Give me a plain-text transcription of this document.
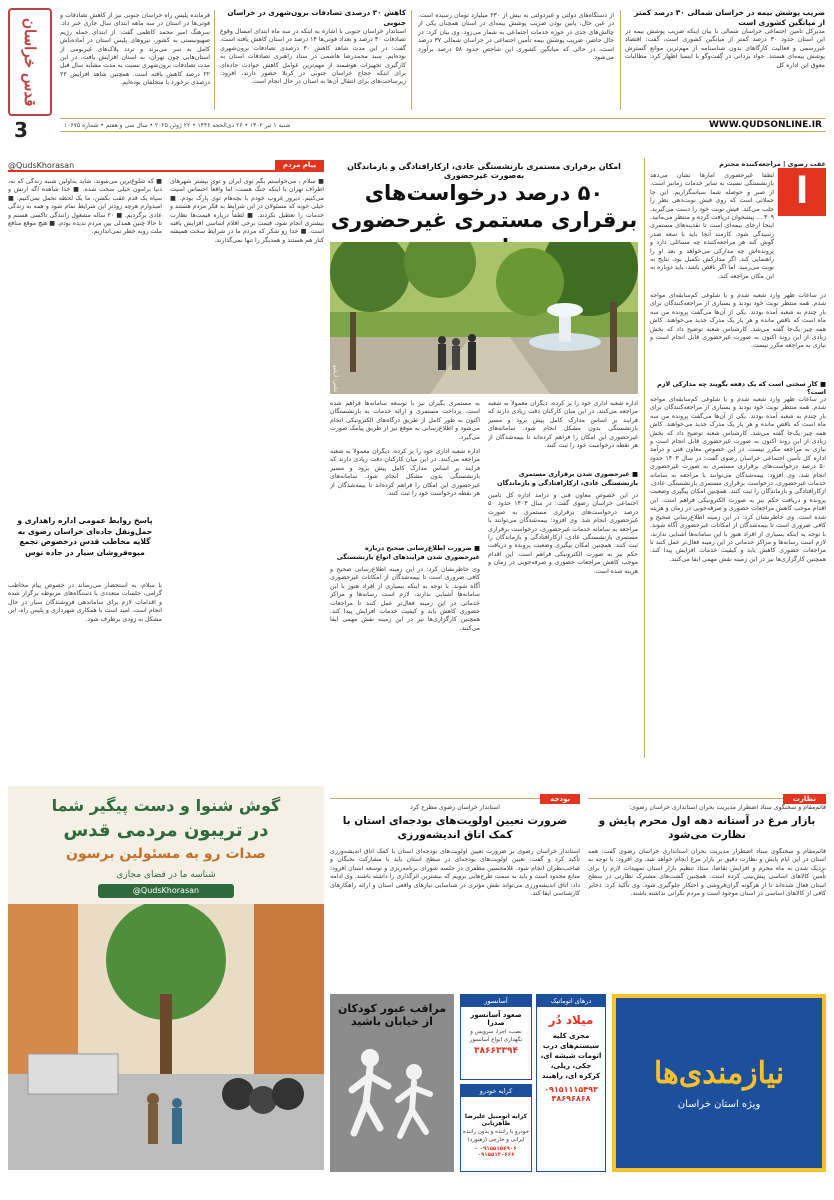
قدس خراسان
3
ضریب پوشش بیمه در خراسان شمالی ۳۰ درصد کمتر از میانگین کشوری است
مدیرکل تأمین اجتماعی خراسان شمالی با بیان اینکه ضریب پوشش بیمه در این استان حدود ۳۰ درصد کمتر از میانگین کشوری است، گفت: اقتصاد غیررسمی و فعالیت کارگاهای بدون شناسنامه از مهم‌ترین موانع گسترش پوشش بیمه‌ای هستند. جواد یزدانی در گفت‌وگو با ایسنا اظهار کرد: مطالبات معوق این اداره کل
از دستگاه‌های دولتی و غیردولتی به بیش از ۲۳۰ میلیارد تومان رسیده است. در عین حال، پایین بودن ضریب پوشش بیمه‌ای در استان همچنان یکی از چالش‌های جدی در حوزه خدمات اجتماعی به شمار می‌رود. وی بیان کرد: در حال حاضر، ضریب پوشش بیمه تأمین اجتماعی در خراسان شمالی ۳۷ درصد است، در حالی که میانگین کشوری این شاخص حدود ۵۸ درصد برآورد می‌شود.
کاهش ۳۰ درصدی تصادفات برون‌شهری در خراسان جنوبی
استاندار خراسان جنوبی با اشاره به اینکه در سه ماه ابتدای امسال وقوع تصادفات ۳۰ درصد و تعداد فوتی‌ها ۱۴ درصد در استان کاهش یافته است، گفت: در این مدت شاهد کاهش ۳۰ درصدی تصادفات برون‌شهری بوده‌ایم. سید محمدرضا هاشمی در ستاد راهبری تصادفات استان به کارگیری تجهیزات هوشمند از مهم‌ترین عوامل کاهش حوادث جاده‌ای برای اینکه حجاج خراسان جنوبی در کربلا حضور دارند، افزود: زیرساخت‌های برای انتقال آن‌ها به استان در حال انجام است.
فرمانده پلیس راه خراسان جنوبی نیز از کاهش تصادفات و فوتی‌ها در استان در سه ماهه ابتدای سال جاری خبر داد. سرهنگ امیر محمد کاظمی گفت: از ابتدای حمله رژیم صهیونیستی به کشور، نیروهای پلیس استان در آماده‌باش کامل به سر می‌برند و تردد پلاک‌های غیربومی از استان‌هایی چون تهران، به استان افزایش یافت، در این مدت تصادفات برون‌شهری نسبت به مدت مشابه سال قبل ۲۲ درصد کاهش یافته است. همچنین شاهد افزایش ۲۲ درصدی برخورد با متخلفان بوده‌ایم.
WWW.QUDSONLINE.IR
شنبه ۱ تیر ۱۴۰۲ • ۲۶ ذی‌الحجه ۱۴۴۶ • ۲۲ ژوئن ۲۰۲۵ • سال سی و هفتم • شماره ۱۰۶۷۵
غفت رضوی | مراجعه‌کننده محترم
ا
لطفاً غیرحضوری آمارها نشان می‌دهد بازنشستگی نسبت به سایر خدمات زمانبر است. از صبر و حوصله شما سپاسگزاریم. این جا جملاتی است که روی فیش نوبت‌دهی نظر را جلب می‌کند. فیش نوبت خود را دست می‌گیرید، ۳۰۹ ... پیشخوان دریافت کرده و منتظر می‌مانید. اینجا ارجای بیمه‌ای است تا نقدینه‌های مستمری رسیدگی شود. کارمند آنجا باید با سعه صدر گوش کند هر مراجعه‌کننده چه مسائلی دارد و پرونده‌اش چه مدارکی می‌خواهد و بعد او را راهنمایی کند. اگر مدارکش تکمیل بود، نتایج به نوبت می‌رسد. اما اگر ناقص باشد، باید دوباره به این مکان مراجعه کند.
در ساعات ظهر وارد شعبه شدم و با شلوغی کم‌سابقه‌ای مواجه شدم. همه منتظر نوبت خود بودند و بسیاری از مراجعه‌کنندگان برای بار چندم به شعبه آمده بودند. یکی از آن‌ها می‌گفت پرونده من سه ماه است که ناقص مانده و هر بار یک مدرک جدید می‌خواهند. کاش همه چیز یک‌جا گفته می‌شد. کارشناس شعبه توضیح داد که بخش زیادی از این روند اکنون به صورت غیرحضوری قابل انجام است و نیازی به مراجعه مکرر نیست.
■ کار سختی است که یک دفعه بگویند چه مدارکی لازم است؟
در ساعات ظهر وارد شعبه شدم و با شلوغی کم‌سابقه‌ای مواجه شدم. همه منتظر نوبت خود بودند و بسیاری از مراجعه‌کنندگان برای بار چندم به شعبه آمده بودند. یکی از آن‌ها می‌گفت پرونده من سه ماه است که ناقص مانده و هر بار یک مدرک جدید می‌خواهند. کاش همه چیز یک‌جا گفته می‌شد. کارشناس شعبه توضیح داد که بخش زیادی از این روند اکنون به صورت غیرحضوری قابل انجام است و نیازی به مراجعه مکرر نیست. در این خصوص معاون فنی و درآمد اداره کل تأمین اجتماعی خراسان رضوی گفت: در سال ۱۴۰۳ حدود ۵۰ درصد درخواست‌های برقراری مستمری به صورت غیرحضوری انجام شد. وی افزود: بیمه‌شدگان می‌توانند با مراجعه به سامانه خدمات غیرحضوری، درخواست برقراری مستمری بازنشستگی عادی، ازکارافتادگی و بازماندگان را ثبت کنند. همچنین امکان پیگیری وضعیت پرونده و دریافت حکم نیز به صورت الکترونیکی فراهم است. این اقدام موجب کاهش مراجعات حضوری و صرفه‌جویی در زمان و هزینه شده است. وی خاطرنشان کرد: در این زمینه اطلاع‌رسانی صحیح و کافی ضروری است تا بیمه‌شدگان از امکانات غیرحضوری آگاه شوند. با توجه به اینکه بسیاری از افراد هنوز با این سامانه‌ها آشنایی ندارند، لازم است رسانه‌ها و مراکز خدماتی در این زمینه فعال‌تر عمل کنند تا مراجعات حضوری کاهش یابد و کیفیت خدمات افزایش پیدا کند. همچنین کارگزاری‌ها نیز در این زمینه نقش مهمی ایفا می‌کنند.
امکان برقراری مستمری بازنشستگی عادی، ازکارافتادگی و بازماندگان به‌صورت غیرحضوری
۵۰ درصد درخواست‌های برقراری مستمری غیرحضوری
عکس: آرشیو
اداره شعبه اداری خود را پر کرده، دیگران معمولاً به شعبه مراجعه می‌کنند. در این میان کارکنان دقت زیادی دارند که فرایند بر اساس مدارک کامل پیش برود و مسیر بازنشستگی بدون مشکل انجام شود. سامانه‌های غیرحضوری این امکان را فراهم کرده‌اند تا بیمه‌شدگان از هر نقطه درخواست خود را ثبت کنند.
■ غیرحضوری شدن برقراری مستمری بازنشستگی عادی، ازکارافتادگی و بازماندگان
در این خصوص معاون فنی و درآمد اداره کل تأمین اجتماعی خراسان رضوی گفت: در سال ۱۴۰۳ حدود ۵۰ درصد درخواست‌های برقراری مستمری به صورت غیرحضوری انجام شد. وی افزود: بیمه‌شدگان می‌توانند با مراجعه به سامانه خدمات غیرحضوری، درخواست برقراری مستمری بازنشستگی عادی، ازکارافتادگی و بازماندگان را ثبت کنند. همچنین امکان پیگیری وضعیت پرونده و دریافت حکم نیز به صورت الکترونیکی فراهم است. این اقدام موجب کاهش مراجعات حضوری و صرفه‌جویی در زمان و هزینه شده است.
به مستمری بگیران نیز با توسعه سامانه‌ها فراهم شده است. پرداخت مستمری و ارائه خدمات به بازنشستگان اکنون به طور کامل از طریق درگاه‌های الکترونیکی انجام می‌شود و اطلاع‌رسانی به موقع نیز از طریق پیامک صورت می‌گیرد.
■ ضرورت اطلاع‌رسانی صحیح درباره غیرحضوری شدن فرایندهای انواع بازنشستگی
وی خاطرنشان کرد: در این زمینه اطلاع‌رسانی صحیح و کافی ضروری است تا بیمه‌شدگان از امکانات غیرحضوری آگاه شوند. با توجه به اینکه بسیاری از افراد هنوز با این سامانه‌ها آشنایی ندارند، لازم است رسانه‌ها و مراکز خدماتی در این زمینه فعال‌تر عمل کنند تا مراجعات حضوری کاهش یابد و کیفیت خدمات افزایش پیدا کند. همچنین کارگزاری‌ها نیز در این زمینه نقش مهمی ایفا می‌کنند.
اداره شعبه اداری خود را پر کرده، دیگران معمولاً به شعبه مراجعه می‌کنند. در این میان کارکنان دقت زیادی دارند که فرایند بر اساس مدارک کامل پیش برود و مسیر بازنشستگی بدون مشکل انجام شود. سامانه‌های غیرحضوری این امکان را فراهم کرده‌اند تا بیمه‌شدگان از هر نقطه درخواست خود را ثبت کنند.
پیام مردم
@QudsKhorasan
■ سلام ، می‌خواستم بگم توی ایران و توی بیشتر شهرهای اطراف تهران یا اینکه جنگ هست، اما واقعاً احساس امنیت می‌کنیم. دیروز غروب خودم با بچه‌هام توی پارک بودم. ■ خیلی خوبه که مسئولان در این شرایط به فکر مردم هستند و خدمات را تعطیل نکردند. ■ لطفاً درباره قیمت‌ها نظارت بیشتری انجام شود، قیمت برخی اقلام اساسی افزایش یافته است. ■ خدا رو شکر که مردم ما در شرایط سخت همیشه کنار هم هستند و همدیگر را تنها نمی‌گذارند.
■ که شلوغ‌ترین می‌شوند. شاید به‌اولین شنبه زندگی که نه، دنیا برامون خیلی سخت شده. ■ خدا شاهده اگه ارتش و سپاه یک قدم عقب بکشن، ما یک لحظه تحمل نمی‌کنیم. ■ امیدوارم هرچه زودتر این شرایط تمام شود و همه به زندگی عادی برگردیم. ■ ۲۰ ساله مشغول رانندگی تاکسی هستم و تا حالا چنین همدلی بین مردم ندیده بودم. ■ هیچ موقع منافع ملت روبه خطر نمی‌اندازیم.
پاسخ روابط عمومی اداره راهداری و حمل‌ونقل جاده‌ای خراسان رضوی به گلایه مخاطب قدس درخصوص تجمع میوه‌فروشان سیار در جاده توس
با سلام، به استحضار می‌رساند در خصوص پیام مخاطب گرامی، جلسات متعددی با دستگاه‌های مربوطه برگزار شده و اقدامات لازم برای ساماندهی فروشندگان سیار در حال انجام است. امید است با همکاری شهرداری و پلیس راه، این مشکل به زودی برطرف شود.
نظارت
قائم‌مقام و سخنگوی ستاد اضطرار مدیریت بحران استانداری خراسان رضوی:
بازار مرغ در آستانه دهه اول محرم پایش و نظارت می‌شود
قائم‌مقام و سخنگوی ستاد اضطرار مدیریت بحران استانداری خراسان رضوی گفت: همه استان در این ایام پایش و نظارت دقیق بر بازار مرغ انجام خواهد شد. وی افزود: با توجه به نزدیک شدن به ماه محرم و افزایش تقاضا، ستاد تنظیم بازار استان تمهیدات لازم را برای تأمین کالاهای اساسی پیش‌بینی کرده است. همچنین گشت‌های مشترک نظارتی در سطح استان فعال شده‌اند تا از هرگونه گران‌فروشی و احتکار جلوگیری شود. وی تأکید کرد: ذخایر کافی از کالاهای اساسی در استان موجود است و مردم نگرانی نداشته باشند.
بودجه
استاندار خراسان رضوی مطرح کرد
ضرورت تعیین اولویت‌های بودجه‌ای استان با کمک اتاق اندیشه‌ورزی
استاندار خراسان رضوی بر ضرورت تعیین اولویت‌های بودجه‌ای استان با کمک اتاق اندیشه‌ورزی تأکید کرد و گفت: تعیین اولویت‌های بودجه‌ای در سطح استان باید با مشارکت نخبگان و صاحب‌نظران انجام شود. غلامحسین مظفری در جلسه شورای برنامه‌ریزی و توسعه استان افزود: منابع محدود است و باید به سمت طرح‌هایی برویم که بیشترین اثرگذاری را داشته باشند. وی ادامه داد: اتاق اندیشه‌ورزی می‌تواند نقش مؤثری در شناسایی نیازهای واقعی استان و ارائه راهکارهای کارشناسی ایفا کند.
گوش شنوا و دست پیگیر شما
در تریبون مردمی قدس
صدات رو به مسئولین برسون
شناسه ما در فضای مجازی
@QudsKhorasan
نیازمندی‌ها
ویژه استان خراسان
درهای اتوماتیک
میلاد دُر
مجری کلیه سیستم‌های درب اتومات شیشه ای، جکی، ریلی، کرکره ای، راهبند
۰۹۱۵۱۱۱۵۴۹۳
۳۸۶۹۶۸۶۸
آسانسور
صعود آسانسور صدرا
نصب، اجرا، سرویس و نگهداری انواع آسانسور
۳۸۶۶۳۳۹۴
کرایه خودرو
کرایه اتومبیل علیرضا طاهریانی
خودرو با راننده و بدون راننده ایرانی و خارجی (رهنورد)
۰۹۱۵۵۱۵۶۹۰۶ - ۰۹۱۵۵۱۴۰۶۶۶
مراقب عبور کودکان
از خیابان باشید
